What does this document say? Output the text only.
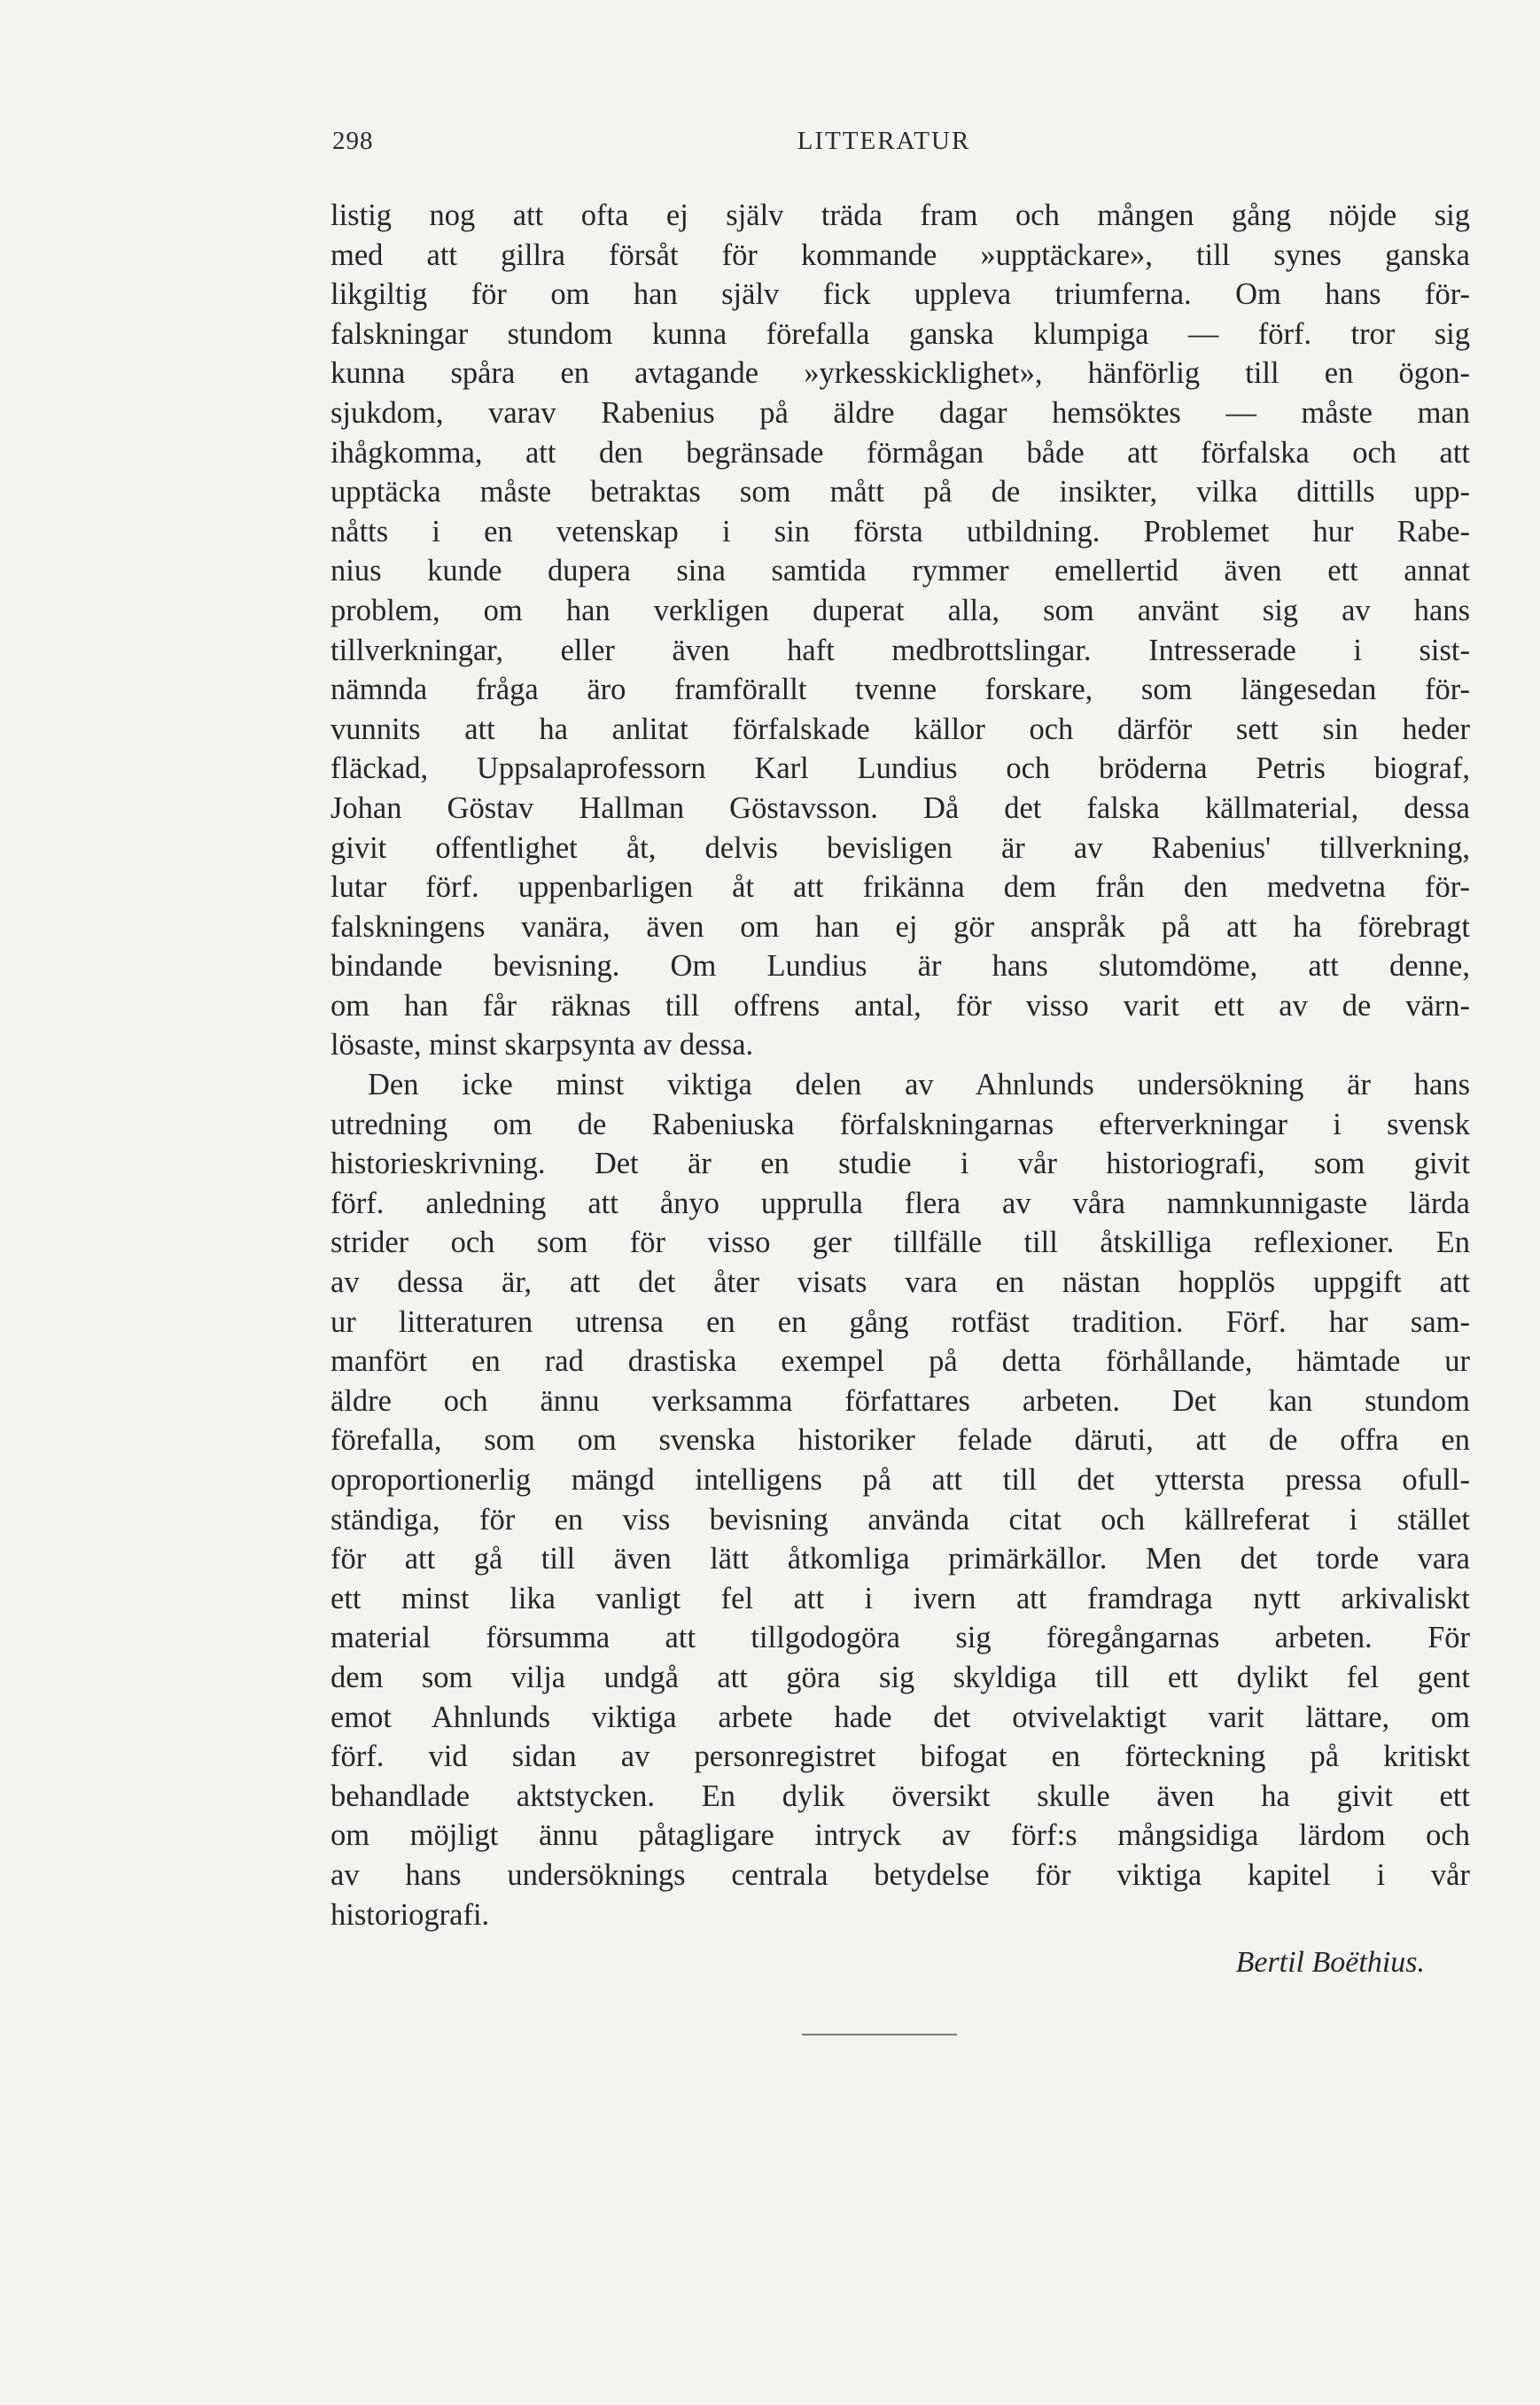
298	LITTERATUR
listig nog att ofta ej själv träda fram och mången gång nöjde sig
med att gillra försåt för kommande »upptäckare», till synes ganska
likgiltig för om han själv fick uppleva triumferna. Om hans för-
falskningar stundom kunna förefalla ganska klumpiga — förf. tror sig
kunna spåra en avtagande »yrkesskicklighet», hänförlig till en ögon-
sjukdom, varav Rabenius på äldre dagar hemsöktes — måste man
ihågkomma, att den begränsade förmågan både att förfalska och att
upptäcka måste betraktas som mått på de insikter, vilka dittills upp-
nåtts i en vetenskap i sin första utbildning. Problemet hur Rabe-
nius kunde dupera sina samtida rymmer emellertid även ett annat
problem, om han verkligen duperat alla, som använt sig av hans
tillverkningar, eller även haft medbrottslingar. Intresserade i sist-
nämnda fråga äro framförallt tvenne forskare, som längesedan för-
vunnits att ha anlitat förfalskade källor och därför sett sin heder
fläckad, Uppsalaprofessorn Karl Lundius och bröderna Petris biograf,
Johan Göstav Hallman Göstavsson. Då det falska källmaterial, dessa
givit offentlighet åt, delvis bevisligen är av Rabenius' tillverkning,
lutar förf. uppenbarligen åt att frikänna dem från den medvetna för-
falskningens vanära, även om han ej gör anspråk på att ha förebragt
bindande bevisning. Om Lundius är hans slutomdöme, att denne,
om han får räknas till offrens antal, för visso varit ett av de värn-
lösaste, minst skarpsynta av dessa.
Den icke minst viktiga delen av Ahnlunds undersökning är hans
utredning om de Rabeniuska förfalskningarnas efterverkningar i svensk
historieskrivning. Det är en studie i vår historiografi, som givit
förf. anledning att ånyo upprulla flera av våra namnkunnigaste lärda
strider och som för visso ger tillfälle till åtskilliga reflexioner. En
av dessa är, att det åter visats vara en nästan hopplös uppgift att
ur litteraturen utrensa en en gång rotfäst tradition. Förf. har sam-
manfört en rad drastiska exempel på detta förhållande, hämtade ur
äldre och ännu verksamma författares arbeten. Det kan stundom
förefalla, som om svenska historiker felade däruti, att de offra en
oproportionerlig mängd intelligens på att till det yttersta pressa ofull-
ständiga, för en viss bevisning använda citat och källreferat i stället
för att gå till även lätt åtkomliga primärkällor. Men det torde vara
ett minst lika vanligt fel att i ivern att framdraga nytt arkivaliskt
material försumma att tillgodogöra sig föregångarnas arbeten. För
dem som vilja undgå att göra sig skyldiga till ett dylikt fel gent
emot Ahnlunds viktiga arbete hade det otvivelaktigt varit lättare, om
förf. vid sidan av personregistret bifogat en förteckning på kritiskt
behandlade aktstycken. En dylik översikt skulle även ha givit ett
om möjligt ännu påtagligare intryck av förf:s mångsidiga lärdom och
av hans undersöknings centrala betydelse för viktiga kapitel i vår
historiografi.
Bertil Boëthius.
